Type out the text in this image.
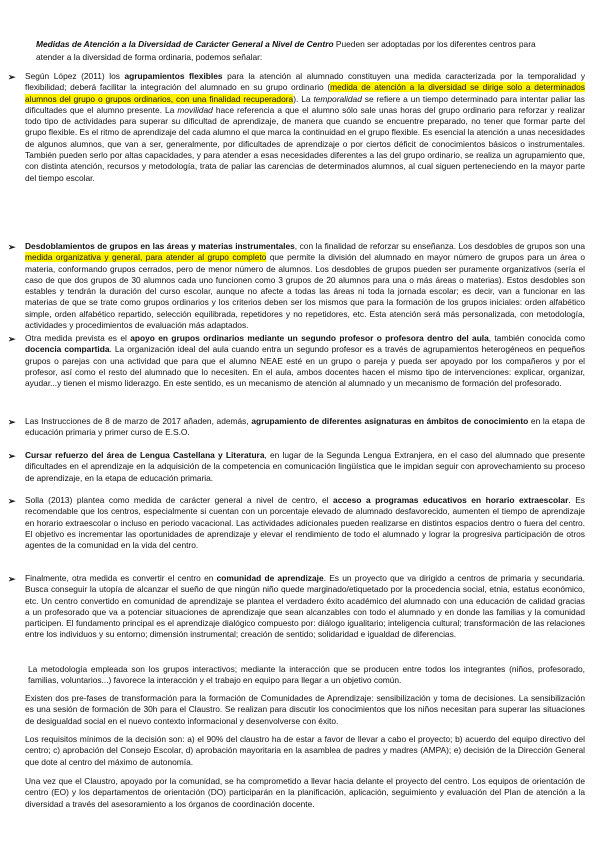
Medidas de Atención a la Diversidad de Carácter General a Nivel de Centro Pueden ser adoptadas por los diferentes centros para atender a la diversidad de forma ordinaria, podemos señalar:

➢ Según López (2011) los agrupamientos flexibles para la atención al alumnado constituyen una medida caracterizada por la temporalidad y flexibilidad; deberá facilitar la integración del alumnado en su grupo ordinario (medida de atención a la diversidad se dirige solo a determinados alumnos del grupo o grupos ordinarios, con una finalidad recuperadora). La temporalidad se refiere a un tiempo determinado para intentar paliar las dificultades que el alumno presente. La movilidad hace referencia a que el alumno sólo sale unas horas del grupo ordinario para reforzar y realizar todo tipo de actividades para superar su dificultad de aprendizaje, de manera que cuando se encuentre preparado, no tener que formar parte del grupo flexible. Es el ritmo de aprendizaje del cada alumno el que marca la continuidad en el grupo flexible. Es esencial la atención a unas necesidades de algunos alumnos, que van a ser, generalmente, por dificultades de aprendizaje o por ciertos déficit de conocimientos básicos o instrumentales. También pueden serlo por altas capacidades, y para atender a esas necesidades diferentes a las del grupo ordinario, se realiza un agrupamiento que, con distinta atención, recursos y metodología, trata de paliar las carencias de determinados alumnos, al cual siguen perteneciendo en la mayor parte del tiempo escolar.

➢ Desdoblamientos de grupos en las áreas y materias instrumentales, con la finalidad de reforzar su enseñanza. Los desdobles de grupos son una medida organizativa y general, para atender al grupo completo que permite la división del alumnado en mayor número de grupos para un área o materia, conformando grupos cerrados, pero de menor número de alumnos. Los desdobles de grupos pueden ser puramente organizativos (sería el caso de que dos grupos de 30 alumnos cada uno funcionen como 3 grupos de 20 alumnos para una o más áreas o materias). Estos desdobles son estables y tendrán la duración del curso escolar, aunque no afecte a todas las áreas ni toda la jornada escolar; es decir, van a funcionar en las materias de que se trate como grupos ordinarios y los criterios deben ser los mismos que para la formación de los grupos iniciales: orden alfabético simple, orden alfabético repartido, selección equilibrada, repetidores y no repetidores, etc. Esta atención será más personalizada, con metodología, actividades y procedimientos de evaluación más adaptados.

➢ Otra medida prevista es el apoyo en grupos ordinarios mediante un segundo profesor o profesora dentro del aula, también conocida como docencia compartida. La organización ideal del aula cuando entra un segundo profesor es a través de agrupamientos heterogéneos en pequeños grupos o parejas con una actividad que para que el alumno NEAE esté en un grupo o pareja y pueda ser apoyado por los compañeros y por el profesor, así como el resto del alumnado que lo necesiten. En el aula, ambos docentes hacen el mismo tipo de intervenciones: explicar, organizar, ayudar...y tienen el mismo liderazgo. En este sentido, es un mecanismo de atención al alumnado y un mecanismo de formación del profesorado.

➢ Las Instrucciones de 8 de marzo de 2017 añaden, además, agrupamiento de diferentes asignaturas en ámbitos de conocimiento en la etapa de educación primaria y primer curso de E.S.O.

➢ Cursar refuerzo del área de Lengua Castellana y Literatura, en lugar de la Segunda Lengua Extranjera, en el caso del alumnado que presente dificultades en el aprendizaje en la adquisición de la competencia en comunicación lingüística que le impidan seguir con aprovechamiento su proceso de aprendizaje, en la etapa de educación primaria.

➢ Solla (2013) plantea como medida de carácter general a nivel de centro, el acceso a programas educativos en horario extraescolar. Es recomendable que los centros, especialmente si cuentan con un porcentaje elevado de alumnado desfavorecido, aumenten el tiempo de aprendizaje en horario extraescolar o incluso en periodo vacacional. Las actividades adicionales pueden realizarse en distintos espacios dentro o fuera del centro. El objetivo es incrementar las oportunidades de aprendizaje y elevar el rendimiento de todo el alumnado y lograr la progresiva participación de otros agentes de la comunidad en la vida del centro.

➢ Finalmente, otra medida es convertir el centro en comunidad de aprendizaje. Es un proyecto que va dirigido a centros de primaria y secundaria. Busca conseguir la utopía de alcanzar el sueño de que ningún niño quede marginado/etiquetado por la procedencia social, etnia, estatus económico, etc. Un centro convertido en comunidad de aprendizaje se plantea el verdadero éxito académico del alumnado con una educación de calidad gracias a un profesorado que va a potenciar situaciones de aprendizaje que sean alcanzables con todo el alumnado y en donde las familias y la comunidad participen. El fundamento principal es el aprendizaje dialógico compuesto por: diálogo igualitario; inteligencia cultural; transformación de las relaciones entre los individuos y su entorno; dimensión instrumental; creación de sentido; solidaridad e igualdad de diferencias.

La metodología empleada son los grupos interactivos; mediante la interacción que se producen entre todos los integrantes (niños, profesorado, familias, voluntarios...) favorece la interacción y el trabajo en equipo para llegar a un objetivo común.

Existen dos pre-fases de transformación para la formación de Comunidades de Aprendizaje: sensibilización y toma de decisiones. La sensibilización es una sesión de formación de 30h para el Claustro. Se realizan para discutir los conocimientos que los niños necesitan para superar las situaciones de desigualdad social en el nuevo contexto informacional y desenvolverse con éxito.

Los requisitos mínimos de la decisión son: a) el 90% del claustro ha de estar a favor de llevar a cabo el proyecto; b) acuerdo del equipo directivo del centro; c) aprobación del Consejo Escolar, d) aprobación mayoritaria en la asamblea de padres y madres (AMPA); e) decisión de la Dirección General que dote al centro del máximo de autonomía.

Una vez que el Claustro, apoyado por la comunidad, se ha comprometido a llevar hacia delante el proyecto del centro. Los equipos de orientación de centro (EO) y los departamentos de orientación (DO) participarán en la planificación, aplicación, seguimiento y evaluación del Plan de atención a la diversidad a través del asesoramiento a los órganos de coordinación docente.
